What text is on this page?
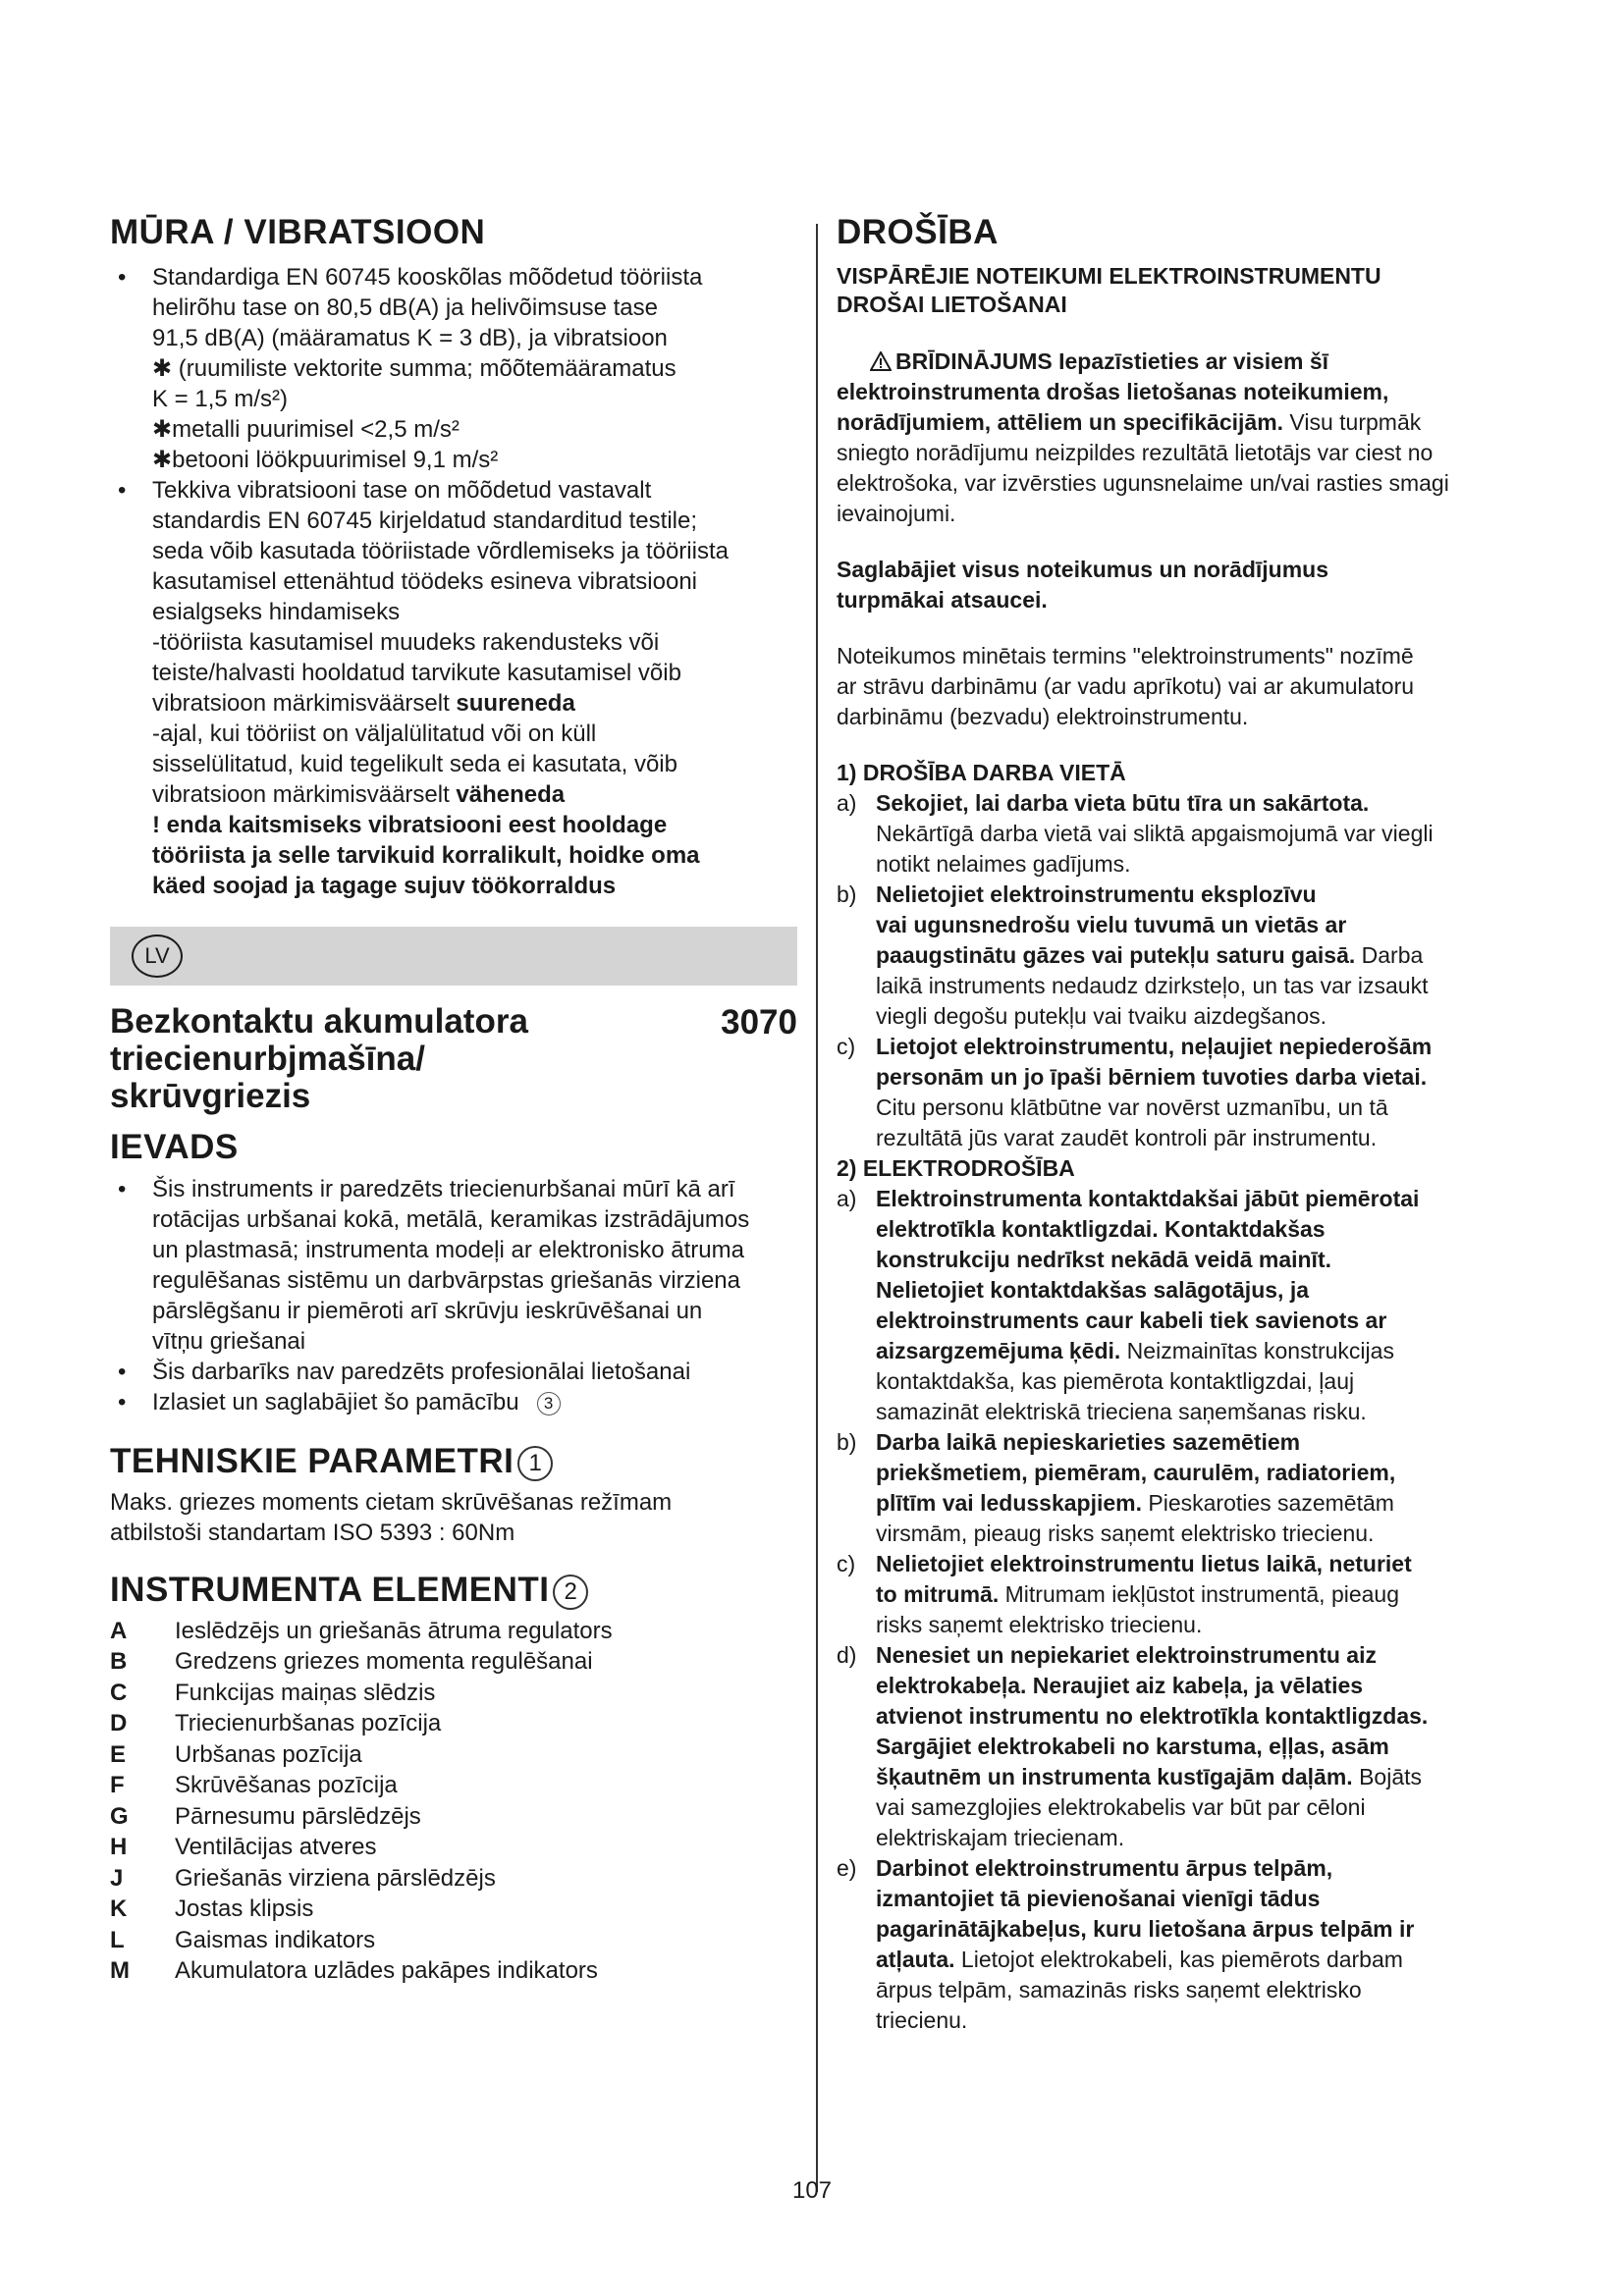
MŪRA / VIBRATSIOON
• Standardiga EN 60745 kooskõlas mõõdetud tööriista
helirõhu tase on 80,5 dB(A) ja helivõimsuse tase
91,5 dB(A) (määramatus K = 3 dB), ja vibratsioon
✱ (ruumiliste vektorite summa; mõõtemääramatus
K = 1,5 m/s²)
✱metalli puurimisel <2,5 m/s²
✱betooni löökpuurimisel 9,1 m/s²
• Tekkiva vibratsiooni tase on mõõdetud vastavalt
standardis EN 60745 kirjeldatud standarditud testile;
seda võib kasutada tööriistade võrdlemiseks ja tööriista
kasutamisel ettenähtud töödeks esineva vibratsiooni
esialgseks hindamiseks
-tööriista kasutamisel muudeks rakendusteks või
teiste/halvasti hooldatud tarvikute kasutamisel võib
vibratsioon märkimisväärselt suureneda
-ajal, kui tööriist on väljalülitatud või on küll
sisselülitatud, kuid tegelikult seda ei kasutata, võib
vibratsioon märkimisväärselt väheneda
! enda kaitsmiseks vibratsiooni eest hooldage
tööriista ja selle tarvikuid korralikult, hoidke oma
käed soojad ja tagage sujuv töökorraldus
LV
Bezkontaktu akumulatora
triecienurbjmašīna/
skrūvgriezis
3070
IEVADS
• Šis instruments ir paredzēts triecienurbšanai mūrī kā arī
rotācijas urbšanai kokā, metālā, keramikas izstrādājumos
un plastmasā; instrumenta modeļi ar elektronisko ātruma
regulēšanas sistēmu un darbvārpstas griešanās virziena
pārslēgšanu ir piemēroti arī skrūvju ieskrūvēšanai un
vītņu griešanai
• Šis darbarīks nav paredzēts profesionālai lietošanai
• Izlasiet un saglabājiet šo pamācību 3
TEHNISKIE PARAMETRI 1

Maks. griezes moments cietam skrūvēšanas režīmam

atbilstoši standartam ISO 5393 : 60Nm

INSTRUMENTA ELEMENTI 2
A	Ieslēdzējs un griešanās ātruma regulators
B	Gredzens griezes momenta regulēšanai
C	Funkcijas maiņas slēdzis
D	Triecienurbšanas pozīcija
E	Urbšanas pozīcija
F	Skrūvēšanas pozīcija
G	Pārnesumu pārslēdzējs
H	Ventilācijas atveres
J	Griešanās virziena pārslēdzējs
K	Jostas klipsis
L	Gaismas indikators
M	Akumulatora uzlādes pakāpes indikators
DROŠĪBA

VISPĀRĒJIE NOTEIKUMI ELEKTROINSTRUMENTU

DROŠAI LIETOŠANAI

BRĪDINĀJUMS Iepazīstieties ar visiem šī

elektroinstrumenta drošas lietošanas noteikumiem,

norādījumiem, attēliem un specifikācijām. Visu turpmāk

sniegto norādījumu neizpildes rezultātā lietotājs var ciest no

elektrošoka, var izvērsties ugunsnelaime un/vai rasties smagi

ievainojumi.

Saglabājiet visus noteikumus un norādījumus

turpmākai atsaucei.

Noteikumos minētais termins "elektroinstruments" nozīmē

ar strāvu darbināmu (ar vadu aprīkotu) vai ar akumulatoru

darbināmu (bezvadu) elektroinstrumentu.

1) DROŠĪBA DARBA VIETĀ

a) Sekojiet, lai darba vieta būtu tīra un sakārtota.
Nekārtīgā darba vietā vai sliktā apgaismojumā var viegli
notikt nelaimes gadījums.
b) Nelietojiet elektroinstrumentu eksplozīvu
vai ugunsnedrošu vielu tuvumā un vietās ar
paaugstinātu gāzes vai putekļu saturu gaisā. Darba
laikā instruments nedaudz dzirksteļo, un tas var izsaukt
viegli degošu putekļu vai tvaiku aizdegšanos.
c) Lietojot elektroinstrumentu, neļaujiet nepiederošām
personām un jo īpaši bērniem tuvoties darba vietai.
Citu personu klātbūtne var novērst uzmanību, un tā
rezultātā jūs varat zaudēt kontroli pār instrumentu.

2) ELEKTRODROŠĪBA

a) Elektroinstrumenta kontaktdakšai jābūt piemērotai
elektrotīkla kontaktligzdai. Kontaktdakšas
konstrukciju nedrīkst nekādā veidā mainīt.
Nelietojiet kontaktdakšas salāgotājus, ja
elektroinstruments caur kabeli tiek savienots ar
aizsargzemējuma ķēdi. Neizmainītas konstrukcijas
kontaktdakša, kas piemērota kontaktligzdai, ļauj
samazināt elektriskā trieciena saņemšanas risku.
b) Darba laikā nepieskarieties sazemētiem
priekšmetiem, piemēram, caurulēm, radiatoriem,
plītīm vai ledusskapjiem. Pieskaroties sazemētām
virsmām, pieaug risks saņemt elektrisko triecienu.
c) Nelietojiet elektroinstrumentu lietus laikā, neturiet
to mitrumā. Mitrumam iekļūstot instrumentā, pieaug
risks saņemt elektrisko triecienu.
d) Nenesiet un nepiekariet elektroinstrumentu aiz
elektrokabeļa. Neraujiet aiz kabeļa, ja vēlaties
atvienot instrumentu no elektrotīkla kontaktligzdas.
Sargājiet elektrokabeli no karstuma, eļļas, asām
šķautnēm un instrumenta kustīgajām daļām. Bojāts
vai samezglojies elektrokabelis var būt par cēloni
elektriskajam triecienam.
e) Darbinot elektroinstrumentu ārpus telpām,
izmantojiet tā pievienošanai vienīgi tādus
pagarinātājkabeļus, kuru lietošana ārpus telpām ir
atļauta. Lietojot elektrokabeli, kas piemērots darbam
ārpus telpām, samazinās risks saņemt elektrisko
triecienu.
107
